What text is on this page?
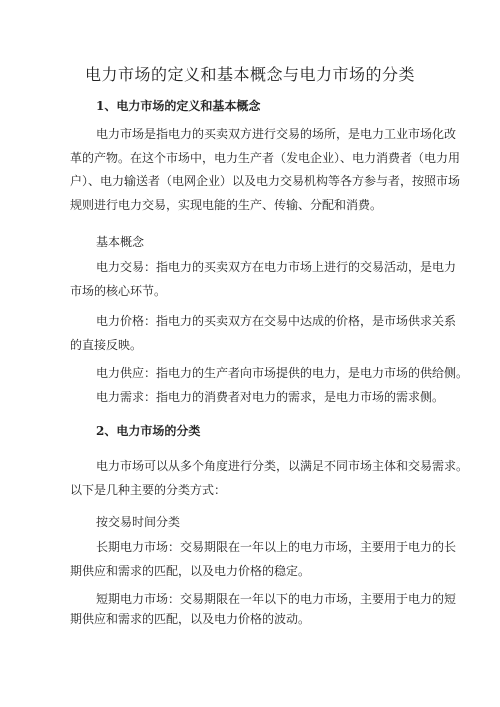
电力市场的定义和基本概念与电力市场的分类
1、电力市场的定义和基本概念
电力市场是指电力的买卖双方进行交易的场所，是电力工业市场化改
革的产物。在这个市场中，电力生产者（发电企业）、电力消费者（电力用
户）、电力输送者（电网企业）以及电力交易机构等各方参与者，按照市场
规则进行电力交易，实现电能的生产、传输、分配和消费。
基本概念
电力交易：指电力的买卖双方在电力市场上进行的交易活动，是电力
市场的核心环节。
电力价格：指电力的买卖双方在交易中达成的价格，是市场供求关系
的直接反映。
电力供应：指电力的生产者向市场提供的电力，是电力市场的供给侧。
电力需求：指电力的消费者对电力的需求，是电力市场的需求侧。
2、电力市场的分类
电力市场可以从多个角度进行分类，以满足不同市场主体和交易需求。
以下是几种主要的分类方式：
按交易时间分类
长期电力市场：交易期限在一年以上的电力市场，主要用于电力的长
期供应和需求的匹配，以及电力价格的稳定。
短期电力市场：交易期限在一年以下的电力市场，主要用于电力的短
期供应和需求的匹配，以及电力价格的波动。
